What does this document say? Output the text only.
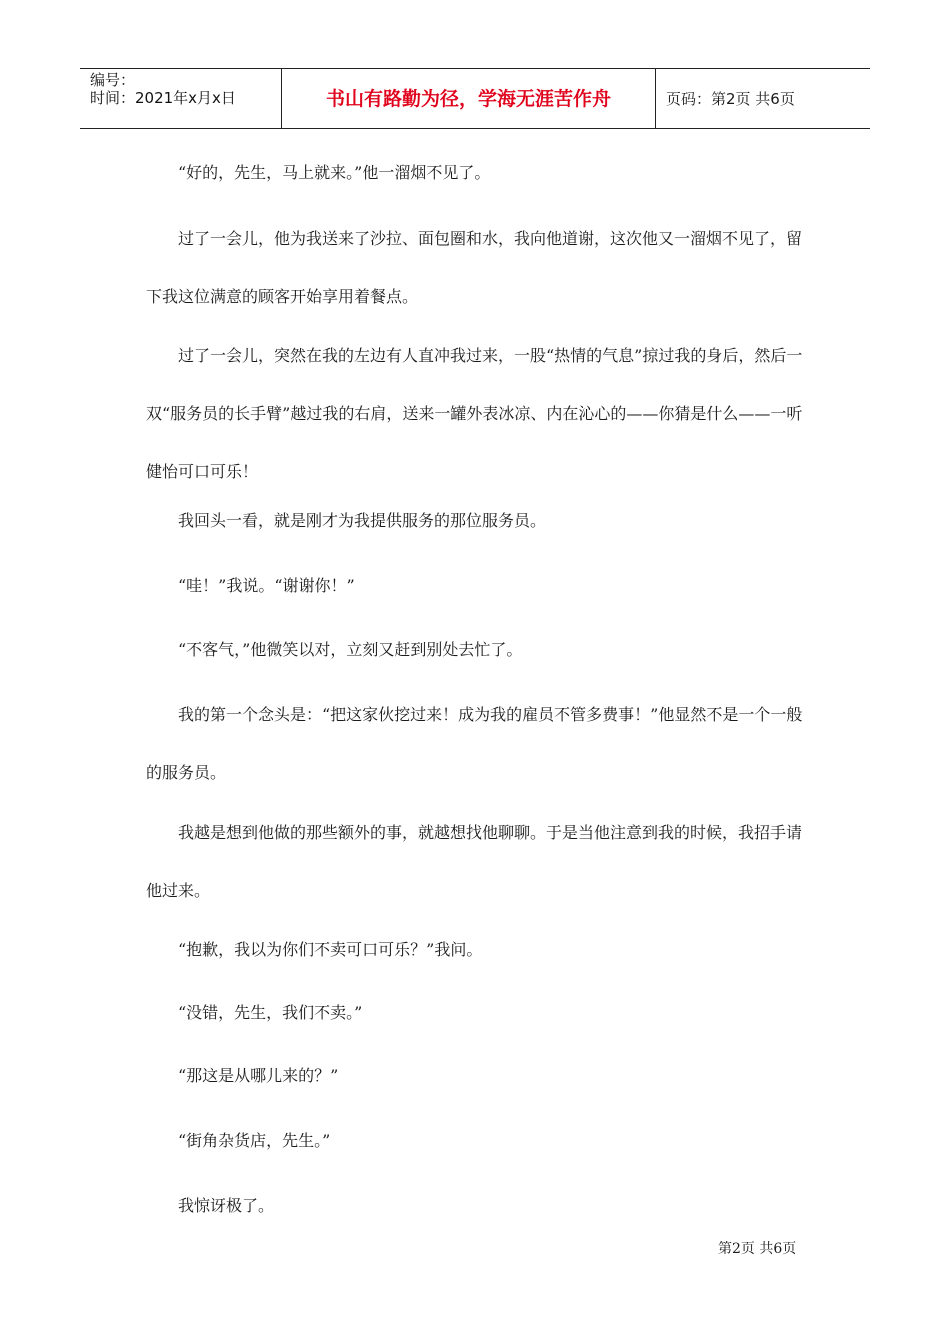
编号：
时间：2021年x月x日	书山有路勤为径，学海无涯苦作舟	页码：第2页 共6页

“好的，先生，马上就来。”他一溜烟不见了。

过了一会儿，他为我送来了沙拉、面包圈和水，我向他道谢，这次他又一溜烟不见了，留下我这位满意的顾客开始享用着餐点。

过了一会儿，突然在我的左边有人直冲我过来，一股“热情的气息”掠过我的身后，然后一双“服务员的长手臂”越过我的右肩，送来一罐外表冰凉、内在沁心的——你猜是什么——一听健怡可口可乐！

我回头一看，就是刚才为我提供服务的那位服务员。

“哇！”我说。“谢谢你！”

“不客气，”他微笑以对，立刻又赶到别处去忙了。

我的第一个念头是：“把这家伙挖过来！成为我的雇员不管多费事！”他显然不是一个一般的服务员。

我越是想到他做的那些额外的事，就越想找他聊聊。于是当他注意到我的时候，我招手请他过来。

“抱歉，我以为你们不卖可口可乐？”我问。

“没错，先生，我们不卖。”

“那这是从哪儿来的？”

“街角杂货店，先生。”

我惊讶极了。

第2页 共6页
